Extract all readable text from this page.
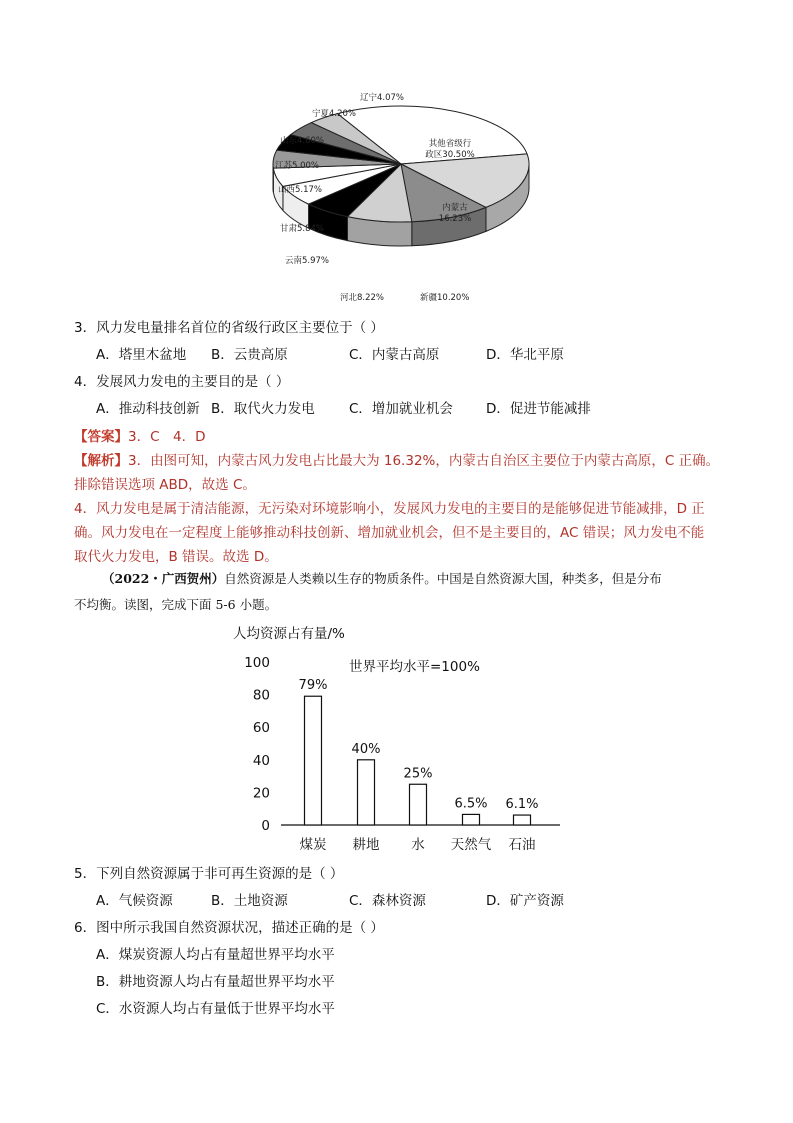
其他省级行政区30.50%
内蒙古 16.23%
新疆10.20%
河北8.22%
云南5.97%
甘肃5.84%
山西5.17%
江苏5.00%
山东4.60%
宁夏4.20%
辽宁4.07%
3．风力发电量排名首位的省级行政区主要位于（ ）
A．塔里木盆地 B．云贵高原	C．内蒙古高原	D．华北平原
4．发展风力发电的主要目的是（ ）
A．推动科技创新 B．取代火力发电	C．增加就业机会 D．促进节能减排
【答案】3．C　4．D
【解析】3．由图可知，内蒙古风力发电占比最大为 16.32%，内蒙古自治区主要位于内蒙古高原，C 正确。
排除错误选项 ABD，故选 C。
4．风力发电是属于清洁能源，无污染对环境影响小，发展风力发电的主要目的是能够促进节能减排，D 正
确。风力发电在一定程度上能够推动科技创新、增加就业机会，但不是主要目的，AC 错误；风力发电不能
取代火力发电，B 错误。故选 D。
（2022・广西贺州）自然资源是人类赖以生存的物质条件。中国是自然资源大国，种类多，但是分布
不均衡。读图，完成下面 5-6 小题。
人均资源占有量/%
世界平均水平=100%
0
20
40
60
80
100
79%
煤炭
40%
耕地
25%
水
6.5%
天然气
6.1%
石油
5．下列自然资源属于非可再生资源的是（ ）
A．气候资源	B．土地资源	C．森林资源	D．矿产资源
6．图中所示我国自然资源状况，描述正确的是（ ）
A．煤炭资源人均占有量超世界平均水平
B．耕地资源人均占有量超世界平均水平
C．水资源人均占有量低于世界平均水平
